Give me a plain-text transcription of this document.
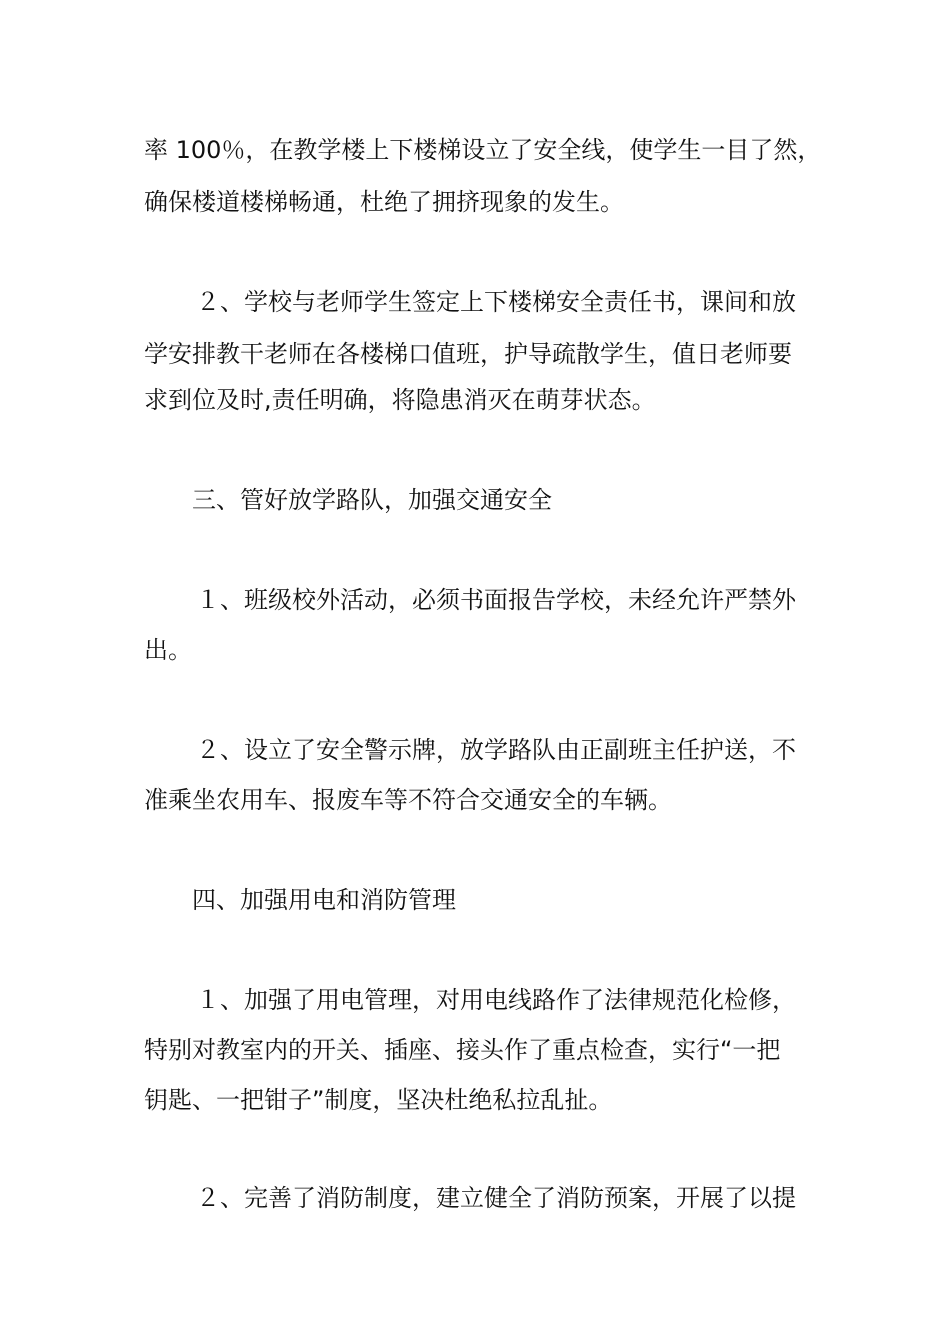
率 100％，在教学楼上下楼梯设立了安全线，使学生一目了然，
确保楼道楼梯畅通，杜绝了拥挤现象的发生。
２、学校与老师学生签定上下楼梯安全责任书，课间和放
学安排教干老师在各楼梯口值班，护导疏散学生，值日老师要
求到位及时,责任明确，将隐患消灭在萌芽状态。
三、管好放学路队，加强交通安全
１、班级校外活动，必须书面报告学校，未经允许严禁外
出。
２、设立了安全警示牌，放学路队由正副班主任护送，不
准乘坐农用车、报废车等不符合交通安全的车辆。
四、加强用电和消防管理
１、加强了用电管理，对用电线路作了法律规范化检修，
特别对教室内的开关、插座、接头作了重点检查，实行“一把
钥匙、一把钳子”制度，坚决杜绝私拉乱扯。
２、完善了消防制度，建立健全了消防预案，开展了以提
